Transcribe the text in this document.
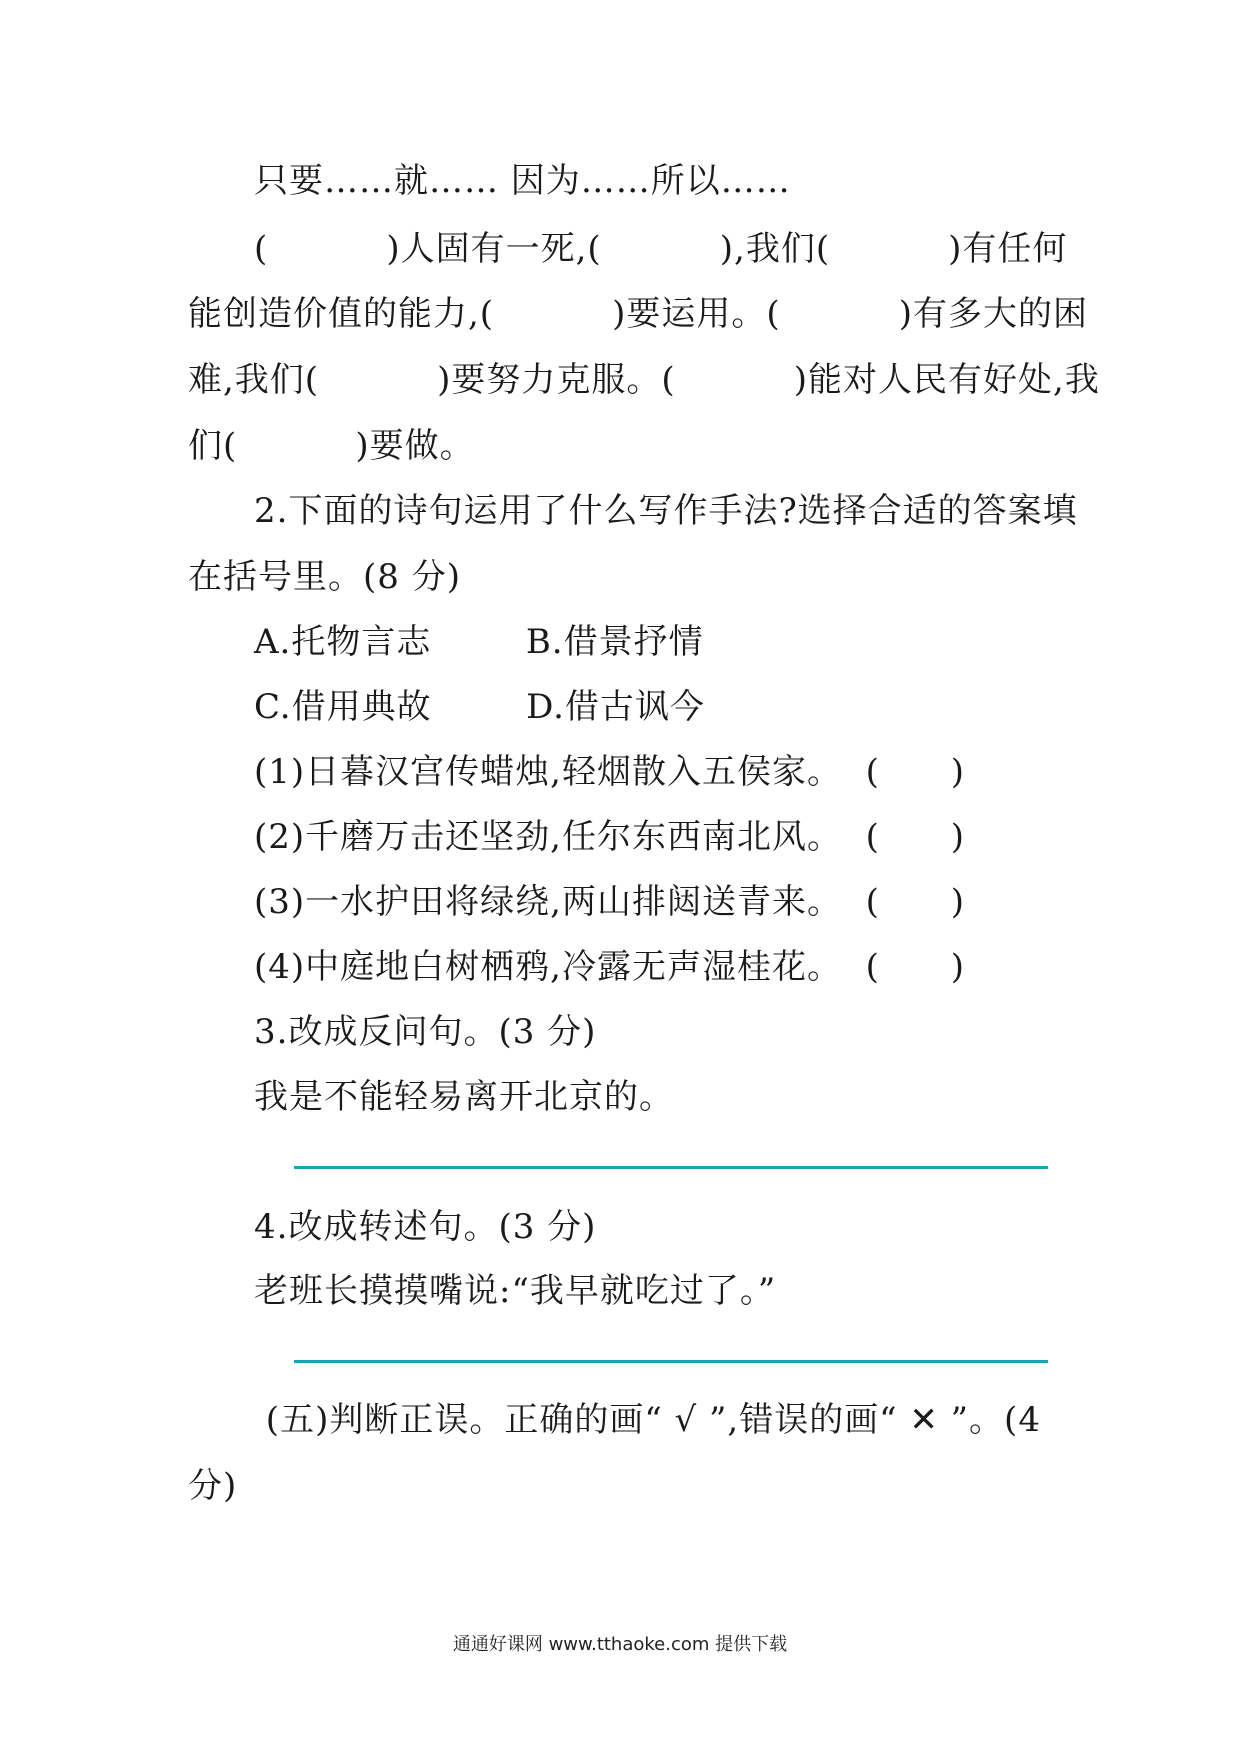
只要……就…… 因为……所以……
(          )人固有一死,(          ),我们(          )有任何
能创造价值的能力,(          )要运用。(          )有多大的困
难,我们(          )要努力克服。(          )能对人民有好处,我
们(          )要做。
2.下面的诗句运用了什么写作手法?选择合适的答案填
在括号里。(8 分)
A.托物言志        B.借景抒情
C.借用典故        D.借古讽今
(1)日暮汉宫传蜡烛,轻烟散入五侯家。  (      )
(2)千磨万击还坚劲,任尔东西南北风。  (      )
(3)一水护田将绿绕,两山排闼送青来。  (      )
(4)中庭地白树栖鸦,冷露无声湿桂花。  (      )
3.改成反问句。(3 分)
我是不能轻易离开北京的。
4.改成转述句。(3 分)
老班长摸摸嘴说:“我早就吃过了。”
(五)判断正误。正确的画“ √ ”,错误的画“ ✕ ”。(4
分)
通通好课网 www.tthaoke.com 提供下载
